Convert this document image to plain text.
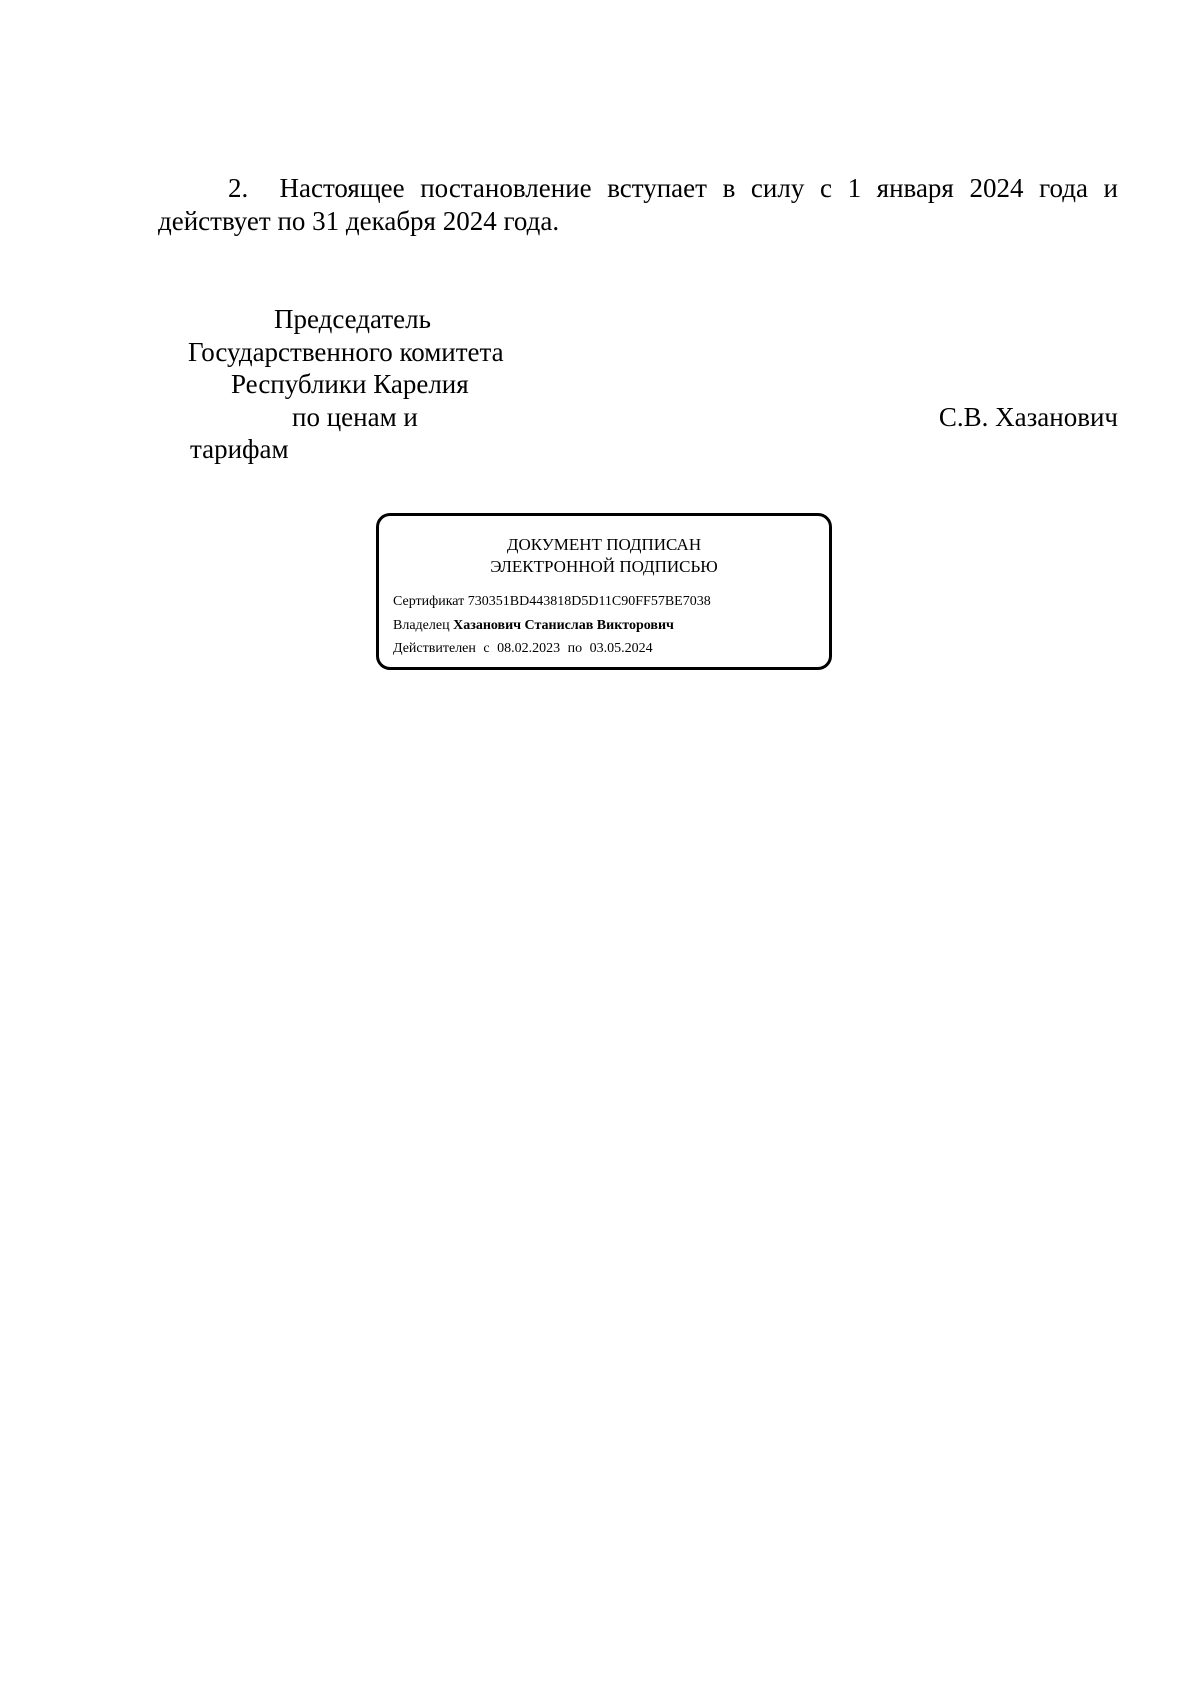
2. Настоящее постановление вступает в силу с 1 января 2024 года и действует по 31 декабря 2024 года.
Председатель
Государственного комитета
Республики Карелия
по ценам и
тарифам
С.В. Хазанович
ДОКУМЕНТ ПОДПИСАН
ЭЛЕКТРОННОЙ ПОДПИСЬЮ
Сертификат 730351BD443818D5D11C90FF57BE7038
Владелец Хазанович Станислав Викторович
Действителен с 08.02.2023 по 03.05.2024
